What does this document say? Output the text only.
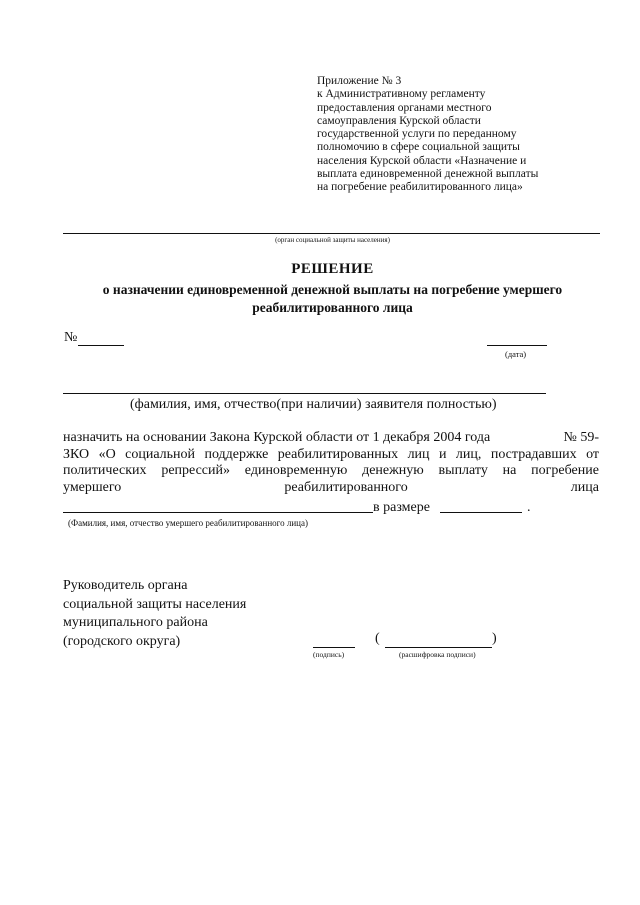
Приложение № 3
к Административному регламенту
предоставления органами местного
самоуправления Курской области
государственной услуги по переданному
полномочию в сфере социальной защиты
населения Курской области «Назначение и
выплата единовременной денежной выплаты
на погребение реабилитированного лица»
(орган социальной защиты населения)
РЕШЕНИЕ
о назначении единовременной денежной выплаты на погребение умершего
реабилитированного лица
№
(дата)
(фамилия, имя, отчество(при наличии) заявителя полностью)
назначить на основании Закона Курской области от 1 декабря 2004 года	№ 59-
ЗКО «О социальной поддержке реабилитированных лиц и лиц, пострадавших от
политических репрессий» единовременную денежную выплату на погребение
умершего	реабилитированного	лица
в размере	.
(Фамилия, имя, отчество умершего реабилитированного лица)
Руководитель органа
социальной защиты населения
муниципального района
(городского округа)
(подпись)
(	)
(расшифровка подписи)
